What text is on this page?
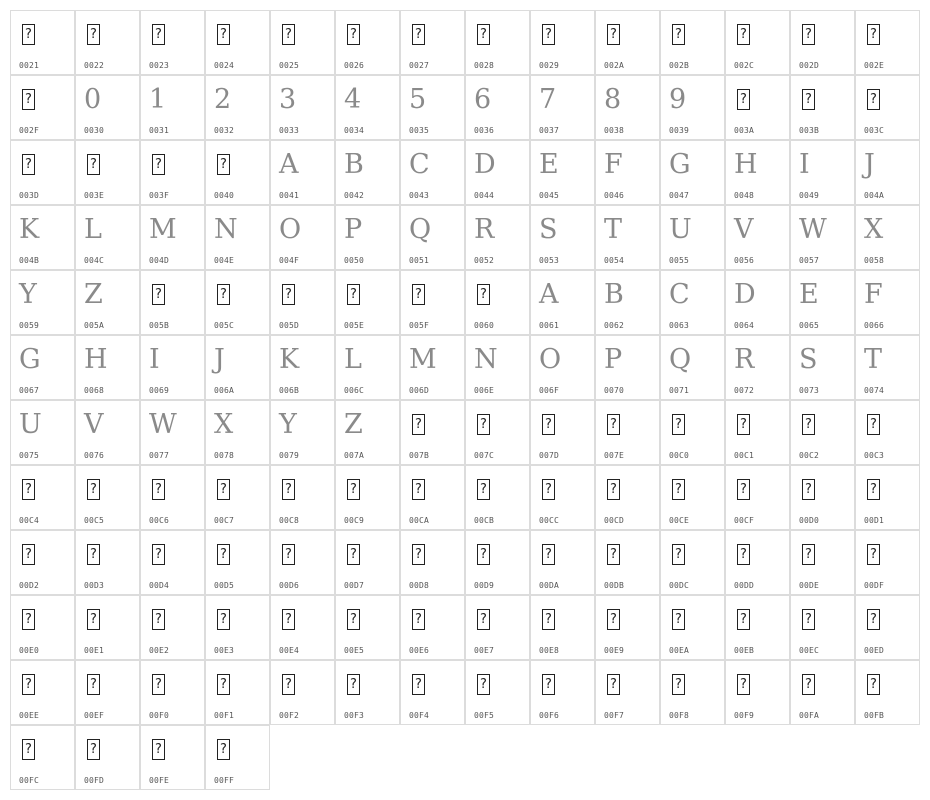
?
0021
?
0022
?
0023
?
0024
?
0025
?
0026
?
0027
?
0028
?
0029
?
002A
?
002B
?
002C
?
002D
?
002E
?
002F
0
0030
1
0031
2
0032
3
0033
4
0034
5
0035
6
0036
7
0037
8
0038
9
0039
?
003A
?
003B
?
003C
?
003D
?
003E
?
003F
?
0040
A
0041
B
0042
C
0043
D
0044
E
0045
F
0046
G
0047
H
0048
I
0049
J
004A
K
004B
L
004C
M
004D
N
004E
O
004F
P
0050
Q
0051
R
0052
S
0053
T
0054
U
0055
V
0056
W
0057
X
0058
Y
0059
Z
005A
?
005B
?
005C
?
005D
?
005E
?
005F
?
0060
A
0061
B
0062
C
0063
D
0064
E
0065
F
0066
G
0067
H
0068
I
0069
J
006A
K
006B
L
006C
M
006D
N
006E
O
006F
P
0070
Q
0071
R
0072
S
0073
T
0074
U
0075
V
0076
W
0077
X
0078
Y
0079
Z
007A
?
007B
?
007C
?
007D
?
007E
?
00C0
?
00C1
?
00C2
?
00C3
?
00C4
?
00C5
?
00C6
?
00C7
?
00C8
?
00C9
?
00CA
?
00CB
?
00CC
?
00CD
?
00CE
?
00CF
?
00D0
?
00D1
?
00D2
?
00D3
?
00D4
?
00D5
?
00D6
?
00D7
?
00D8
?
00D9
?
00DA
?
00DB
?
00DC
?
00DD
?
00DE
?
00DF
?
00E0
?
00E1
?
00E2
?
00E3
?
00E4
?
00E5
?
00E6
?
00E7
?
00E8
?
00E9
?
00EA
?
00EB
?
00EC
?
00ED
?
00EE
?
00EF
?
00F0
?
00F1
?
00F2
?
00F3
?
00F4
?
00F5
?
00F6
?
00F7
?
00F8
?
00F9
?
00FA
?
00FB
?
00FC
?
00FD
?
00FE
?
00FF
